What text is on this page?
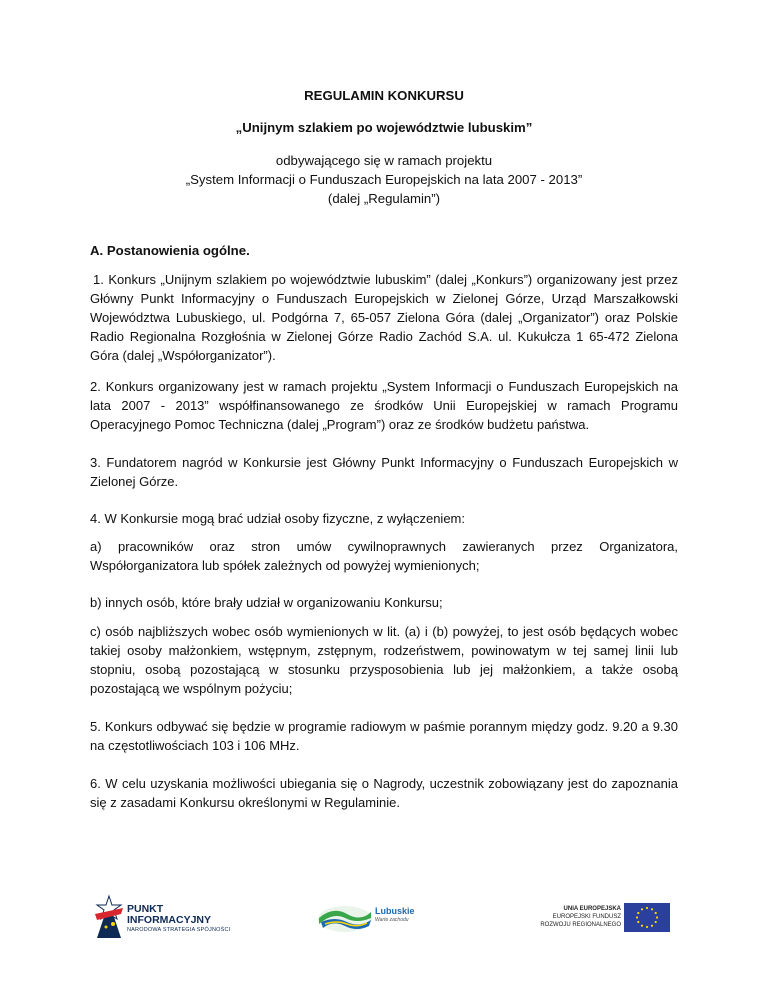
REGULAMIN KONKURSU
„Unijnym szlakiem po województwie lubuskim”
odbywającego się w ramach projektu
„System Informacji o Funduszach Europejskich na lata 2007 - 2013”
(dalej „Regulamin”)
A. Postanowienia ogólne.
1. Konkurs „Unijnym szlakiem po województwie lubuskim” (dalej „Konkurs”) organizowany jest przez Główny Punkt Informacyjny o Funduszach Europejskich w Zielonej Górze, Urząd Marszałkowski Województwa Lubuskiego, ul. Podgórna 7, 65-057 Zielona Góra (dalej „Organizator”) oraz Polskie Radio Regionalna Rozgłośnia w Zielonej Górze Radio Zachód S.A. ul. Kukułcza 1 65-472 Zielona Góra (dalej „Współorganizator”).
2. Konkurs organizowany jest w ramach projektu „System Informacji o Funduszach Europejskich na lata 2007 - 2013” współfinansowanego ze środków Unii Europejskiej w ramach Programu Operacyjnego Pomoc Techniczna (dalej „Program”) oraz ze środków budżetu państwa.
3. Fundatorem nagród w Konkursie jest Główny Punkt Informacyjny o Funduszach Europejskich w Zielonej Górze.
4. W Konkursie mogą brać udział osoby fizyczne, z wyłączeniem:
a) pracowników oraz stron umów cywilnoprawnych zawieranych przez Organizatora, Współorganizatora lub spółek zależnych od powyżej wymienionych;
b) innych osób, które brały udział w organizowaniu Konkursu;
c) osób najbliższych wobec osób wymienionych w lit. (a) i (b) powyżej, to jest osób będących wobec takiej osoby małżonkiem, wstępnym, zstępnym, rodzeństwem, powinowatym w tej samej linii lub stopniu, osobą pozostającą w stosunku przysposobienia lub jej małżonkiem, a także osobą pozostającą we wspólnym pożyciu;
5. Konkurs odbywać się będzie w programie radiowym w paśmie porannym między godz. 9.20 a 9.30 na częstotliwościach 103 i 106 MHz.
6. W celu uzyskania możliwości ubiegania się o Nagrody, uczestnik zobowiązany jest do zapoznania się z zasadami Konkursu określonymi w Regulaminie.
PUNKT
INFORMACYJNY
NARODOWA STRATEGIA SPÓJNOŚCI
Lubuskie
Warte zachodu
UNIA EUROPEJSKA
EUROPEJSKI FUNDUSZ
ROZWOJU REGIONALNEGO
